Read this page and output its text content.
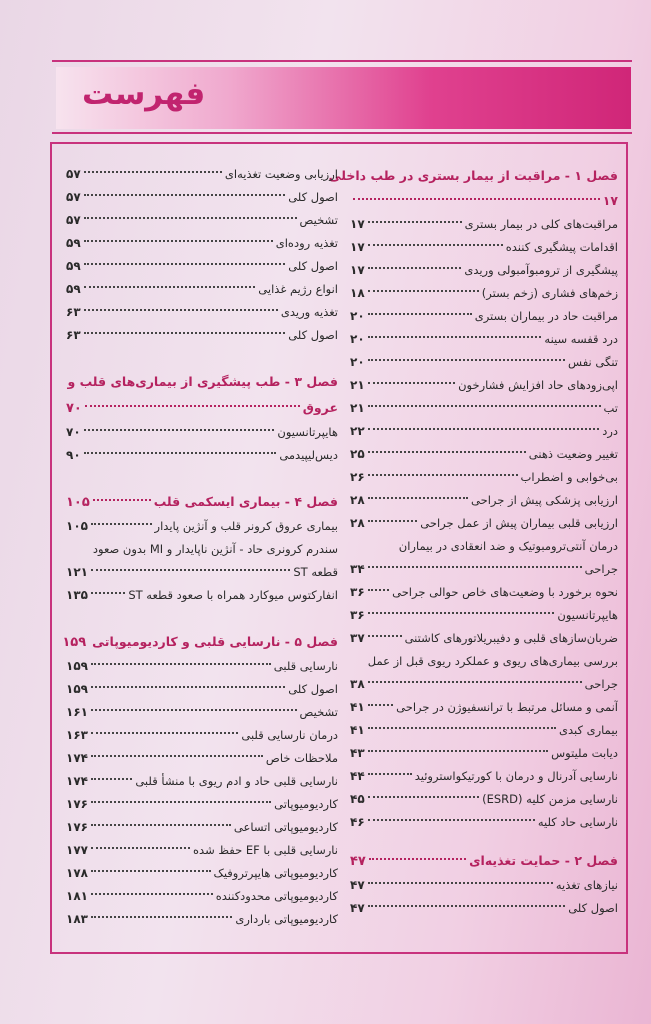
فهرست
فصل ۱ - مراقبت از بیمار بستری در طب داخلی
۱۷
مراقبت‌های کلی در بیمار بستری
۱۷
اقدامات پیشگیری کننده
۱۷
پیشگیری از ترومبوآمبولی وریدی
۱۷
زخم‌های فشاری (زخم بستر)
۱۸
مراقبت حاد در بیماران بستری
۲۰
درد قفسه سینه
۲۰
تنگی نفس
۲۰
اپی‌زودهای حاد افزایش فشارخون
۲۱
تب
۲۱
درد
۲۲
تغییر وضعیت ذهنی
۲۵
بی‌خوابی و اضطراب
۲۶
ارزیابی پزشکی پیش از جراحی
۲۸
ارزیابی قلبی بیماران پیش از عمل جراحی
۲۸
درمان آنتی‌ترومبوتیک و ضد انعقادی در بیماران
جراحی
۳۴
نحوه برخورد با وضعیت‌های خاص حوالی جراحی
۳۶
هایپرتانسیون
۳۶
ضربان‌سازهای قلبی و دفیبریلاتورهای کاشتنی
۳۷
بررسی بیماری‌های ریوی و عملکرد ریوی قبل از عمل
جراحی
۳۸
آنمی و مسائل مرتبط با ترانسفیوژن در جراحی
۴۱
بیماری کبدی
۴۱
دیابت ملیتوس
۴۳
نارسایی آدرنال و درمان با کورتیکواستروئید
۴۴
نارسایی مزمن کلیه (ESRD)
۴۵
نارسایی حاد کلیه
۴۶
فصل ۲ - حمایت تغذیه‌ای
۴۷
نیازهای تغذیه
۴۷
اصول کلی
۴۷
ارزیابی وضعیت تغذیه‌ای
۵۷
اصول کلی
۵۷
تشخیص
۵۷
تغذیه روده‌ای
۵۹
اصول کلی
۵۹
انواع رژیم غذایی
۵۹
تغذیه وریدی
۶۳
اصول کلی
۶۳
فصل ۳ - طب پیشگیری از بیماری‌های قلب و
عروق
۷۰
هایپرتانسیون
۷۰
دیس‌لیپیدمی
۹۰
فصل ۴ - بیماری ایسکمی قلب
۱۰۵
بیماری عروق کرونر قلب و آنژین پایدار
۱۰۵
سندرم کرونری حاد - آنژین ناپایدار و MI بدون صعود
قطعه ST
۱۲۱
انفارکتوس میوکارد همراه با صعود قطعه ST
۱۳۵
فصل ۵ - نارسایی قلبی و کاردیومیوپاتی
۱۵۹
نارسایی قلبی
۱۵۹
اصول کلی
۱۵۹
تشخیص
۱۶۱
درمان نارسایی قلبی
۱۶۳
ملاحظات خاص
۱۷۴
نارسایی قلبی حاد و ادم ریوی با منشأ قلبی
۱۷۴
کاردیومیوپاتی
۱۷۶
کاردیومیوپاتی اتساعی
۱۷۶
نارسایی قلبی با EF حفظ شده
۱۷۷
کاردیومیوپاتی هایپرتروفیک
۱۷۸
کاردیومیوپاتی محدودکننده
۱۸۱
کاردیومیوپاتی بارداری
۱۸۳
